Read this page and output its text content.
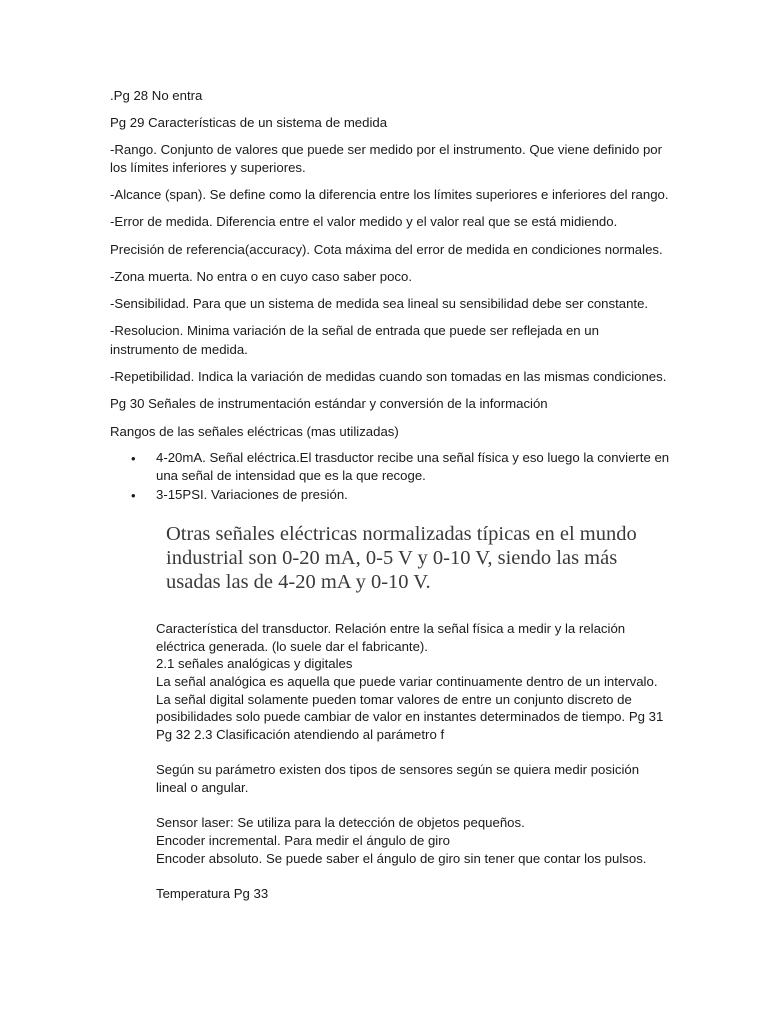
.Pg 28 No entra

Pg 29 Características de un sistema de medida

-Rango. Conjunto de valores que puede ser medido por el instrumento. Que viene definido por

los límites inferiores y superiores.

-Alcance (span). Se define como la diferencia entre los límites superiores e inferiores del rango.

-Error de medida. Diferencia entre el valor medido y el valor real que se está midiendo.

Precisión de referencia(accuracy). Cota máxima del error de medida en condiciones normales.

-Zona muerta. No entra o en cuyo caso saber poco.

-Sensibilidad. Para que un sistema de medida sea lineal su sensibilidad debe ser constante.

-Resolucion. Minima variación de la señal de entrada que puede ser reflejada en un

instrumento de medida.

-Repetibilidad. Indica la variación de medidas cuando son tomadas en las mismas condiciones.

Pg 30 Señales de instrumentación estándar y conversión de la información

Rangos de las señales eléctricas (mas utilizadas)

• 4-20mA. Señal eléctrica.El trasductor recibe una señal física y eso luego la convierte en

una señal de intensidad que es la que recoge.

• 3-15PSI. Variaciones de presión.

Otras señales eléctricas normalizadas típicas en el mundo
industrial son 0-20 mA, 0-5 V y 0-10 V, siendo las más
usadas las de 4-20 mA y 0-10 V.

Característica del transductor. Relación entre la señal física a medir y la relación

eléctrica generada. (lo suele dar el fabricante).

2.1 señales analógicas y digitales

La señal analógica es aquella que puede variar continuamente dentro de un intervalo.

La señal digital solamente pueden tomar valores de entre un conjunto discreto de

posibilidades solo puede cambiar de valor en instantes determinados de tiempo. Pg 31

Pg 32 2.3 Clasificación atendiendo al parámetro f

Según su parámetro existen dos tipos de sensores según se quiera medir posición

lineal o angular.

Sensor laser: Se utiliza para la detección de objetos pequeños.

Encoder incremental. Para medir el ángulo de giro

Encoder absoluto. Se puede saber el ángulo de giro sin tener que contar los pulsos.

Temperatura Pg 33
